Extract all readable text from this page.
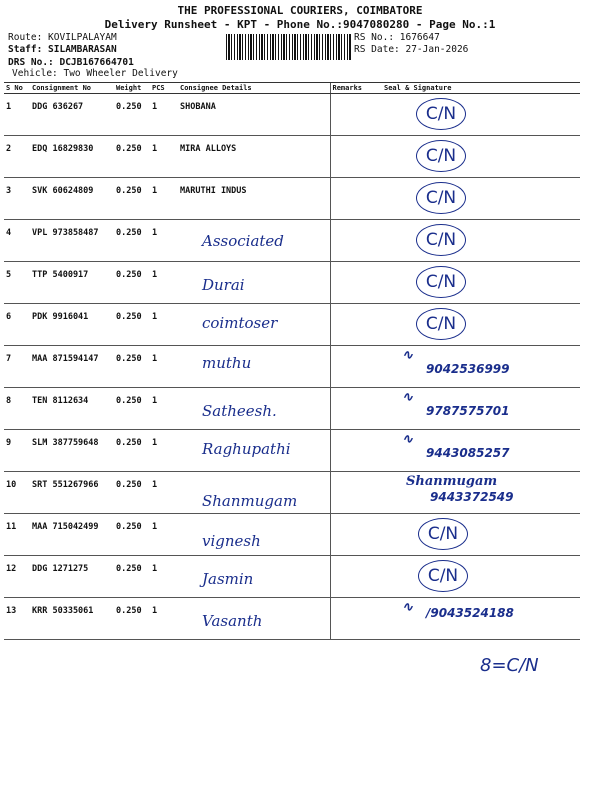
THE PROFESSIONAL COURIERS, COIMBATORE
Delivery Runsheet - KPT - Phone No.:9047080280 - Page No.:1
Route: KOVILPALAYAM
Staff: SILAMBARASAN
DRS No.: DCJB167664701
Vehicle: Two Wheeler Delivery
RS No.: 1676647
RS Date: 27-Jan-2026
S No	Consignment No	Weight	PCS	Consignee Details	Remarks	Seal & Signature
1	DDG 636267	0.250	1	SHOBANA		C/N

2	EDQ 16829830	0.250	1	MIRA ALLOYS		C/N

3	SVK 60624809	0.250	1	MARUTHI INDUS		C/N

4	VPL 973858487	0.250	1	Associated		C/N

5	TTP 5400917	0.250	1	Durai		C/N

6	PDK 9916041	0.250	1	coimtoser		C/N

7	MAA 871594147	0.250	1	muthu		∿
9042536999

8	TEN 8112634	0.250	1	Satheesh.		∿
9787575701

9	SLM 387759648	0.250	1	Raghupathi		∿
9443085257

10	SRT 551267966	0.250	1	Shanmugam		Shanmugam
9443372549

11	MAA 715042499	0.250	1	vignesh		C/N

12	DDG 1271275	0.250	1	Jasmin		C/N

13	KRR 50335061	0.250	1	Vasanth		∿ /9043524188
8=C/N
